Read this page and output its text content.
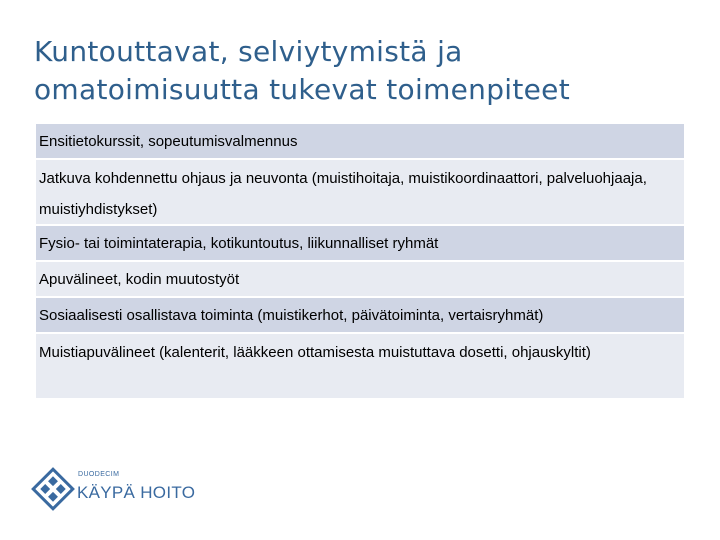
Kuntouttavat, selviytymistä ja
omatoimisuutta tukevat toimenpiteet
Ensitietokurssit, sopeutumisvalmennus
Jatkuva kohdennettu ohjaus ja neuvonta (muistihoitaja, muistikoordinaattori, palveluohjaaja, muistiyhdistykset)
Fysio- tai toimintaterapia, kotikuntoutus, liikunnalliset ryhmät
Apuvälineet, kodin muutostyöt
Sosiaalisesti osallistava toiminta (muistikerhot, päivätoiminta, vertaisryhmät)
Muistiapuvälineet (kalenterit, lääkkeen ottamisesta muistuttava dosetti, ohjauskyltit)
DUODECIM
KÄYPÄ HOITO
